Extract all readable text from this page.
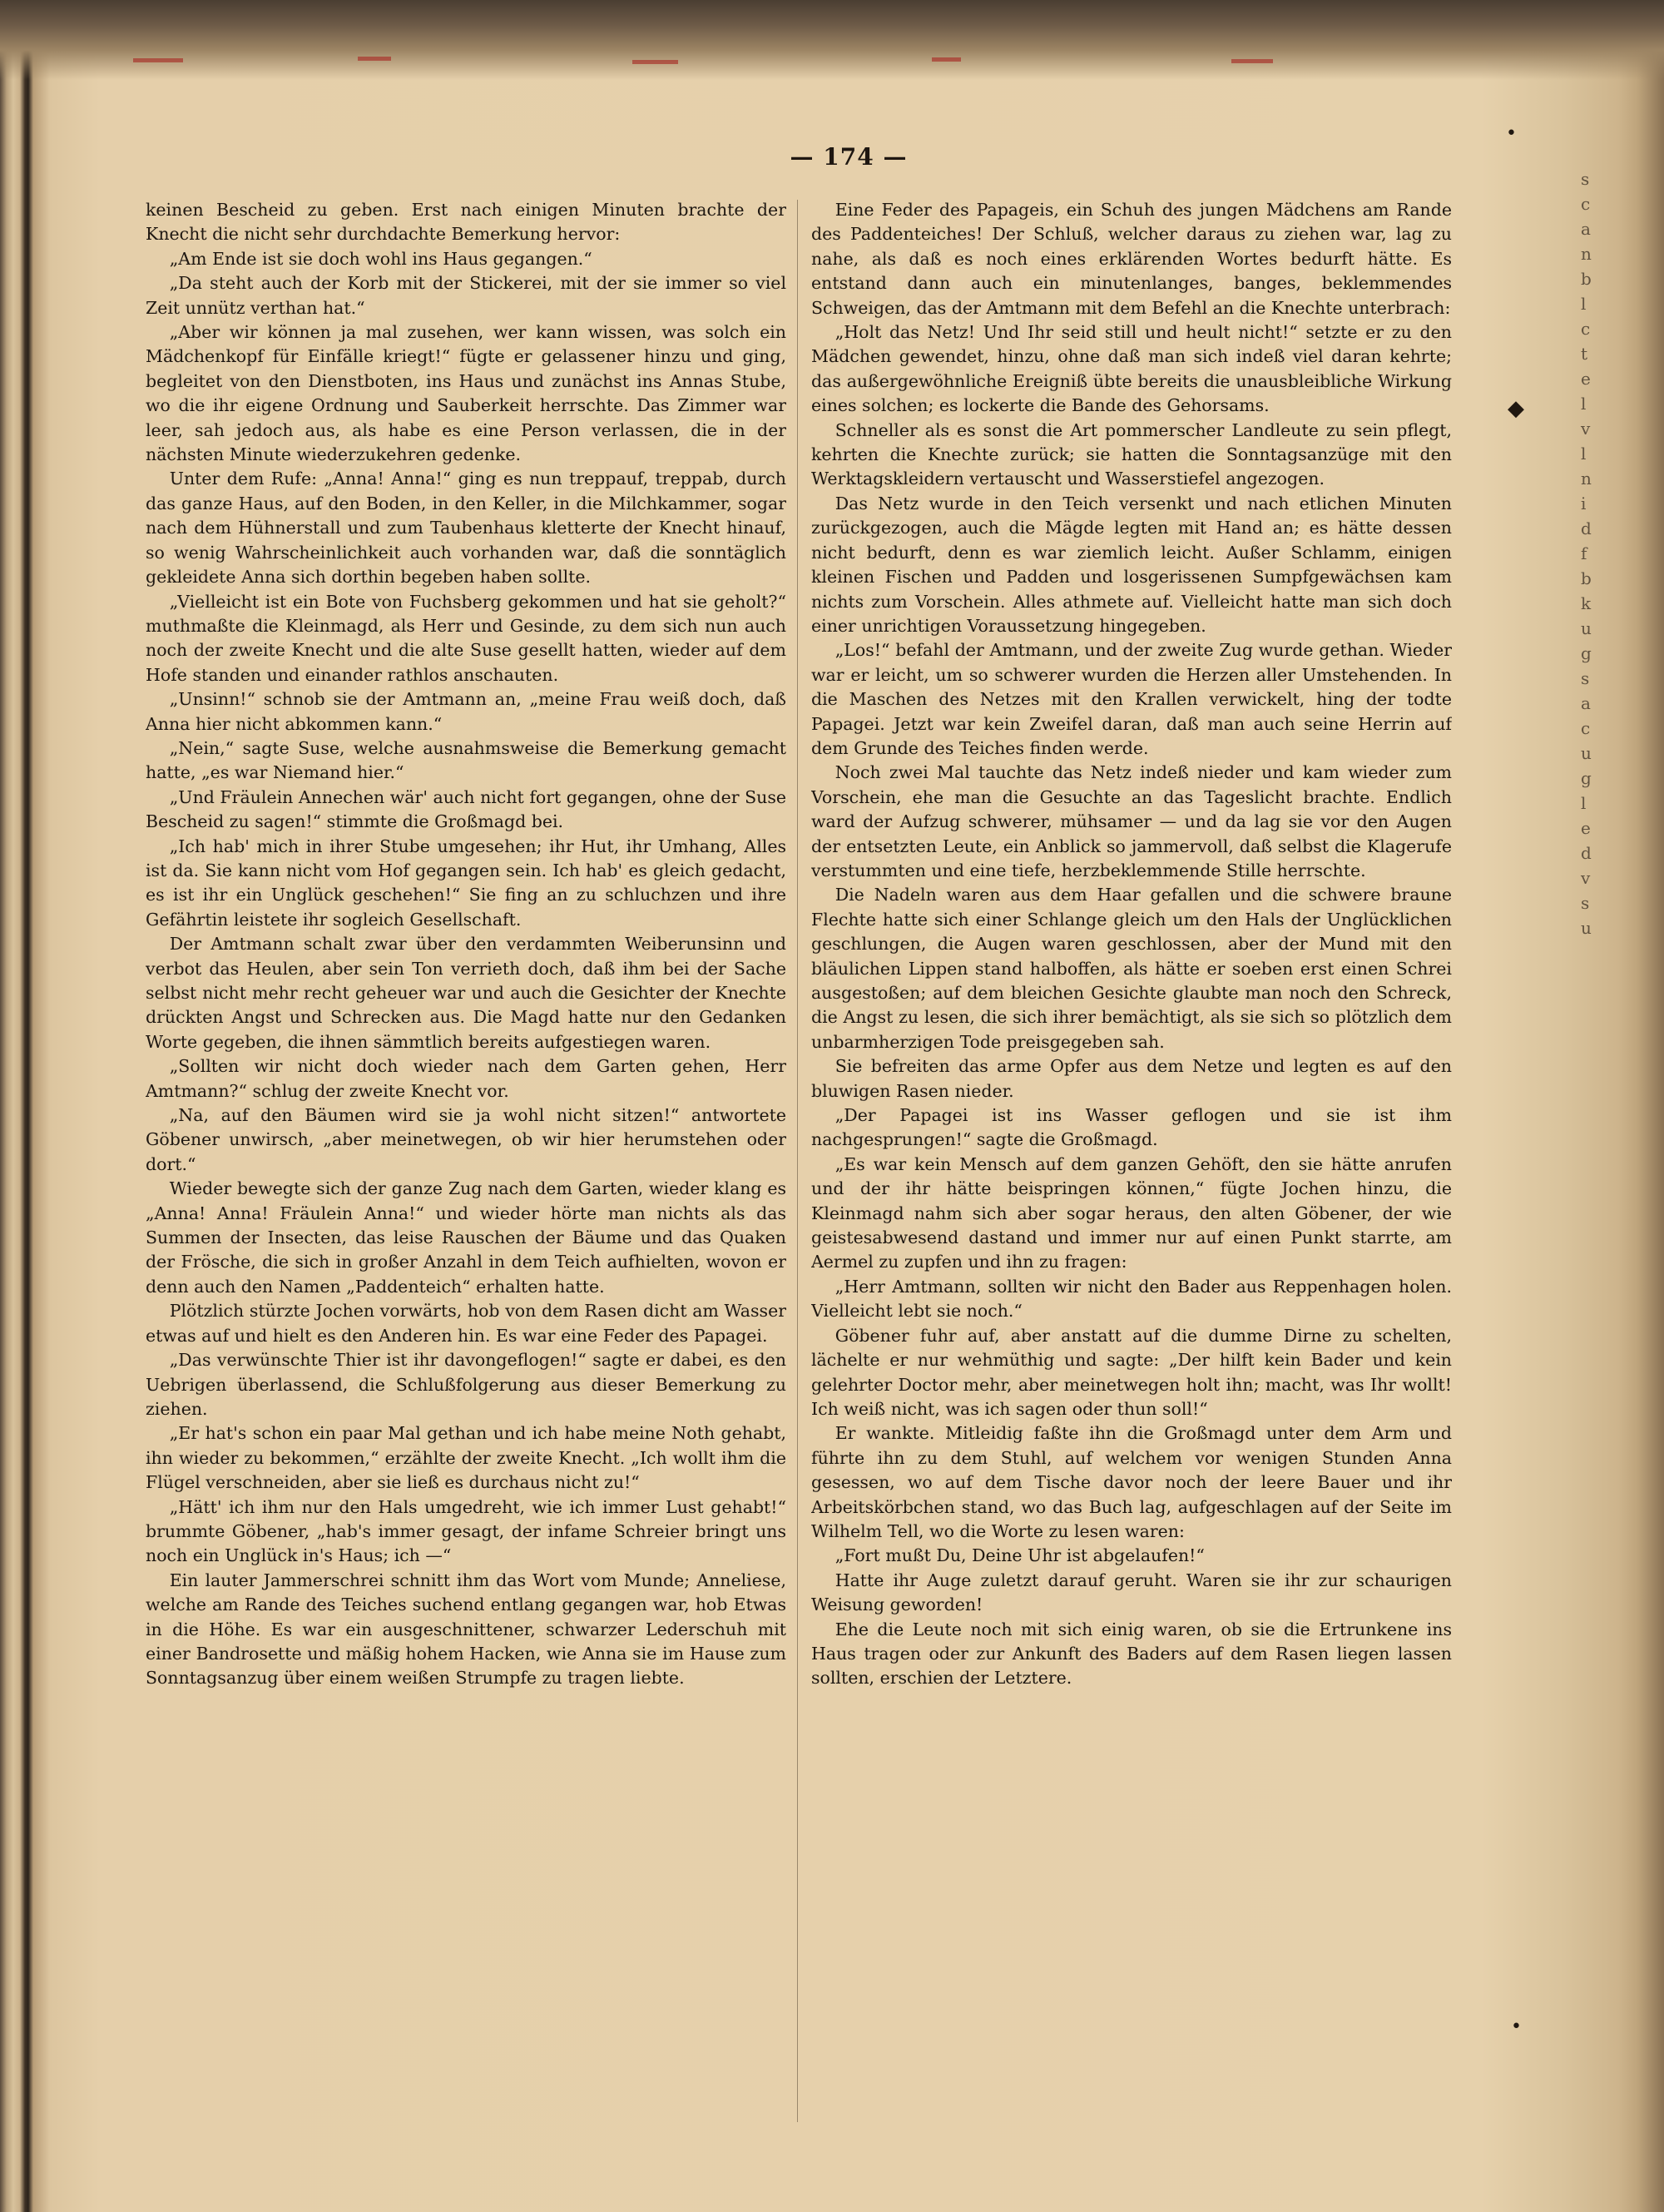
— 174 —

keinen Bescheid zu geben. Erst nach einigen Minuten brachte der Knecht die nicht sehr durchdachte Bemerkung hervor:

„Am Ende ist sie doch wohl ins Haus gegangen.“

„Da steht auch der Korb mit der Stickerei, mit der sie immer so viel Zeit unnütz verthan hat.“

„Aber wir können ja mal zusehen, wer kann wissen, was solch ein Mädchenkopf für Einfälle kriegt!“ fügte er gelassener hinzu und ging, begleitet von den Dienstboten, ins Haus und zunächst ins Annas Stube, wo die ihr eigene Ordnung und Sauberkeit herrschte. Das Zimmer war leer, sah jedoch aus, als habe es eine Person verlassen, die in der nächsten Minute wiederzukehren gedenke.

Unter dem Rufe: „Anna! Anna!“ ging es nun treppauf, treppab, durch das ganze Haus, auf den Boden, in den Keller, in die Milchkammer, sogar nach dem Hühnerstall und zum Taubenhaus kletterte der Knecht hinauf, so wenig Wahrscheinlichkeit auch vorhanden war, daß die sonntäglich gekleidete Anna sich dorthin begeben haben sollte.

„Vielleicht ist ein Bote von Fuchsberg gekommen und hat sie geholt?“ muthmaßte die Kleinmagd, als Herr und Gesinde, zu dem sich nun auch noch der zweite Knecht und die alte Suse gesellt hatten, wieder auf dem Hofe standen und einander rathlos anschauten.

„Unsinn!“ schnob sie der Amtmann an, „meine Frau weiß doch, daß Anna hier nicht abkommen kann.“

„Nein,“ sagte Suse, welche ausnahmsweise die Bemerkung gemacht hatte, „es war Niemand hier.“

„Und Fräulein Annechen wär' auch nicht fort gegangen, ohne der Suse Bescheid zu sagen!“ stimmte die Großmagd bei.

„Ich hab' mich in ihrer Stube umgesehen; ihr Hut, ihr Umhang, Alles ist da. Sie kann nicht vom Hof gegangen sein. Ich hab' es gleich gedacht, es ist ihr ein Unglück geschehen!“ Sie fing an zu schluchzen und ihre Gefährtin leistete ihr sogleich Gesellschaft.

Der Amtmann schalt zwar über den verdammten Weiberunsinn und verbot das Heulen, aber sein Ton verrieth doch, daß ihm bei der Sache selbst nicht mehr recht geheuer war und auch die Gesichter der Knechte drückten Angst und Schrecken aus. Die Magd hatte nur den Gedanken Worte gegeben, die ihnen sämmtlich bereits aufgestiegen waren.

„Sollten wir nicht doch wieder nach dem Garten gehen, Herr Amtmann?“ schlug der zweite Knecht vor.

„Na, auf den Bäumen wird sie ja wohl nicht sitzen!“ antwortete Göbener unwirsch, „aber meinetwegen, ob wir hier herumstehen oder dort.“

Wieder bewegte sich der ganze Zug nach dem Garten, wieder klang es „Anna! Anna! Fräulein Anna!“ und wieder hörte man nichts als das Summen der Insecten, das leise Rauschen der Bäume und das Quaken der Frösche, die sich in großer Anzahl in dem Teich aufhielten, wovon er denn auch den Namen „Paddenteich“ erhalten hatte.

Plötzlich stürzte Jochen vorwärts, hob von dem Rasen dicht am Wasser etwas auf und hielt es den Anderen hin. Es war eine Feder des Papagei.

„Das verwünschte Thier ist ihr davongeflogen!“ sagte er dabei, es den Uebrigen überlassend, die Schlußfolgerung aus dieser Bemerkung zu ziehen.

„Er hat's schon ein paar Mal gethan und ich habe meine Noth gehabt, ihn wieder zu bekommen,“ erzählte der zweite Knecht. „Ich wollt ihm die Flügel verschneiden, aber sie ließ es durchaus nicht zu!“

„Hätt' ich ihm nur den Hals umgedreht, wie ich immer Lust gehabt!“ brummte Göbener, „hab's immer gesagt, der infame Schreier bringt uns noch ein Unglück in's Haus; ich —“

Ein lauter Jammerschrei schnitt ihm das Wort vom Munde; Anneliese, welche am Rande des Teiches suchend entlang gegangen war, hob Etwas in die Höhe. Es war ein ausgeschnittener, schwarzer Lederschuh mit einer Bandrosette und mäßig hohem Hacken, wie Anna sie im Hause zum Sonntagsanzug über einem weißen Strumpfe zu tragen liebte.

Eine Feder des Papageis, ein Schuh des jungen Mädchens am Rande des Paddenteiches! Der Schluß, welcher daraus zu ziehen war, lag zu nahe, als daß es noch eines erklärenden Wortes bedurft hätte. Es entstand dann auch ein minutenlanges, banges, beklemmendes Schweigen, das der Amtmann mit dem Befehl an die Knechte unterbrach:

„Holt das Netz! Und Ihr seid still und heult nicht!“ setzte er zu den Mädchen gewendet, hinzu, ohne daß man sich indeß viel daran kehrte; das außergewöhnliche Ereigniß übte bereits die unausbleibliche Wirkung eines solchen; es lockerte die Bande des Gehorsams.

Schneller als es sonst die Art pommerscher Landleute zu sein pflegt, kehrten die Knechte zurück; sie hatten die Sonntagsanzüge mit den Werktagskleidern vertauscht und Wasserstiefel angezogen.

Das Netz wurde in den Teich versenkt und nach etlichen Minuten zurückgezogen, auch die Mägde legten mit Hand an; es hätte dessen nicht bedurft, denn es war ziemlich leicht. Außer Schlamm, einigen kleinen Fischen und Padden und losgerissenen Sumpfgewächsen kam nichts zum Vorschein. Alles athmete auf. Vielleicht hatte man sich doch einer unrichtigen Voraussetzung hingegeben.

„Los!“ befahl der Amtmann, und der zweite Zug wurde gethan. Wieder war er leicht, um so schwerer wurden die Herzen aller Umstehenden. In die Maschen des Netzes mit den Krallen verwickelt, hing der todte Papagei. Jetzt war kein Zweifel daran, daß man auch seine Herrin auf dem Grunde des Teiches finden werde.

Noch zwei Mal tauchte das Netz indeß nieder und kam wieder zum Vorschein, ehe man die Gesuchte an das Tageslicht brachte. Endlich ward der Aufzug schwerer, mühsamer — und da lag sie vor den Augen der entsetzten Leute, ein Anblick so jammervoll, daß selbst die Klagerufe verstummten und eine tiefe, herzbeklemmende Stille herrschte.

Die Nadeln waren aus dem Haar gefallen und die schwere braune Flechte hatte sich einer Schlange gleich um den Hals der Unglücklichen geschlungen, die Augen waren geschlossen, aber der Mund mit den bläulichen Lippen stand halboffen, als hätte er soeben erst einen Schrei ausgestoßen; auf dem bleichen Gesichte glaubte man noch den Schreck, die Angst zu lesen, die sich ihrer bemächtigt, als sie sich so plötzlich dem unbarmherzigen Tode preisgegeben sah.

Sie befreiten das arme Opfer aus dem Netze und legten es auf den bluwigen Rasen nieder.

„Der Papagei ist ins Wasser geflogen und sie ist ihm nachgesprungen!“ sagte die Großmagd.

„Es war kein Mensch auf dem ganzen Gehöft, den sie hätte anrufen und der ihr hätte beispringen können,“ fügte Jochen hinzu, die Kleinmagd nahm sich aber sogar heraus, den alten Göbener, der wie geistesabwesend dastand und immer nur auf einen Punkt starrte, am Aermel zu zupfen und ihn zu fragen:

„Herr Amtmann, sollten wir nicht den Bader aus Reppenhagen holen. Vielleicht lebt sie noch.“

Göbener fuhr auf, aber anstatt auf die dumme Dirne zu schelten, lächelte er nur wehmüthig und sagte: „Der hilft kein Bader und kein gelehrter Doctor mehr, aber meinetwegen holt ihn; macht, was Ihr wollt! Ich weiß nicht, was ich sagen oder thun soll!“

Er wankte. Mitleidig faßte ihn die Großmagd unter dem Arm und führte ihn zu dem Stuhl, auf welchem vor wenigen Stunden Anna gesessen, wo auf dem Tische davor noch der leere Bauer und ihr Arbeitskörbchen stand, wo das Buch lag, aufgeschlagen auf der Seite im Wilhelm Tell, wo die Worte zu lesen waren:

„Fort mußt Du, Deine Uhr ist abgelaufen!“

Hatte ihr Auge zuletzt darauf geruht. Waren sie ihr zur schaurigen Weisung geworden!

Ehe die Leute noch mit sich einig waren, ob sie die Ertrunkene ins Haus tragen oder zur Ankunft des Baders auf dem Rasen liegen lassen sollten, erschien der Letztere.

•
◆
•
s
c
a
n
b
l
c
t
e
l
v
l
n
i
d
f
b
k
u
g
s
a
c
u
g
l
e
d
v
s
u
